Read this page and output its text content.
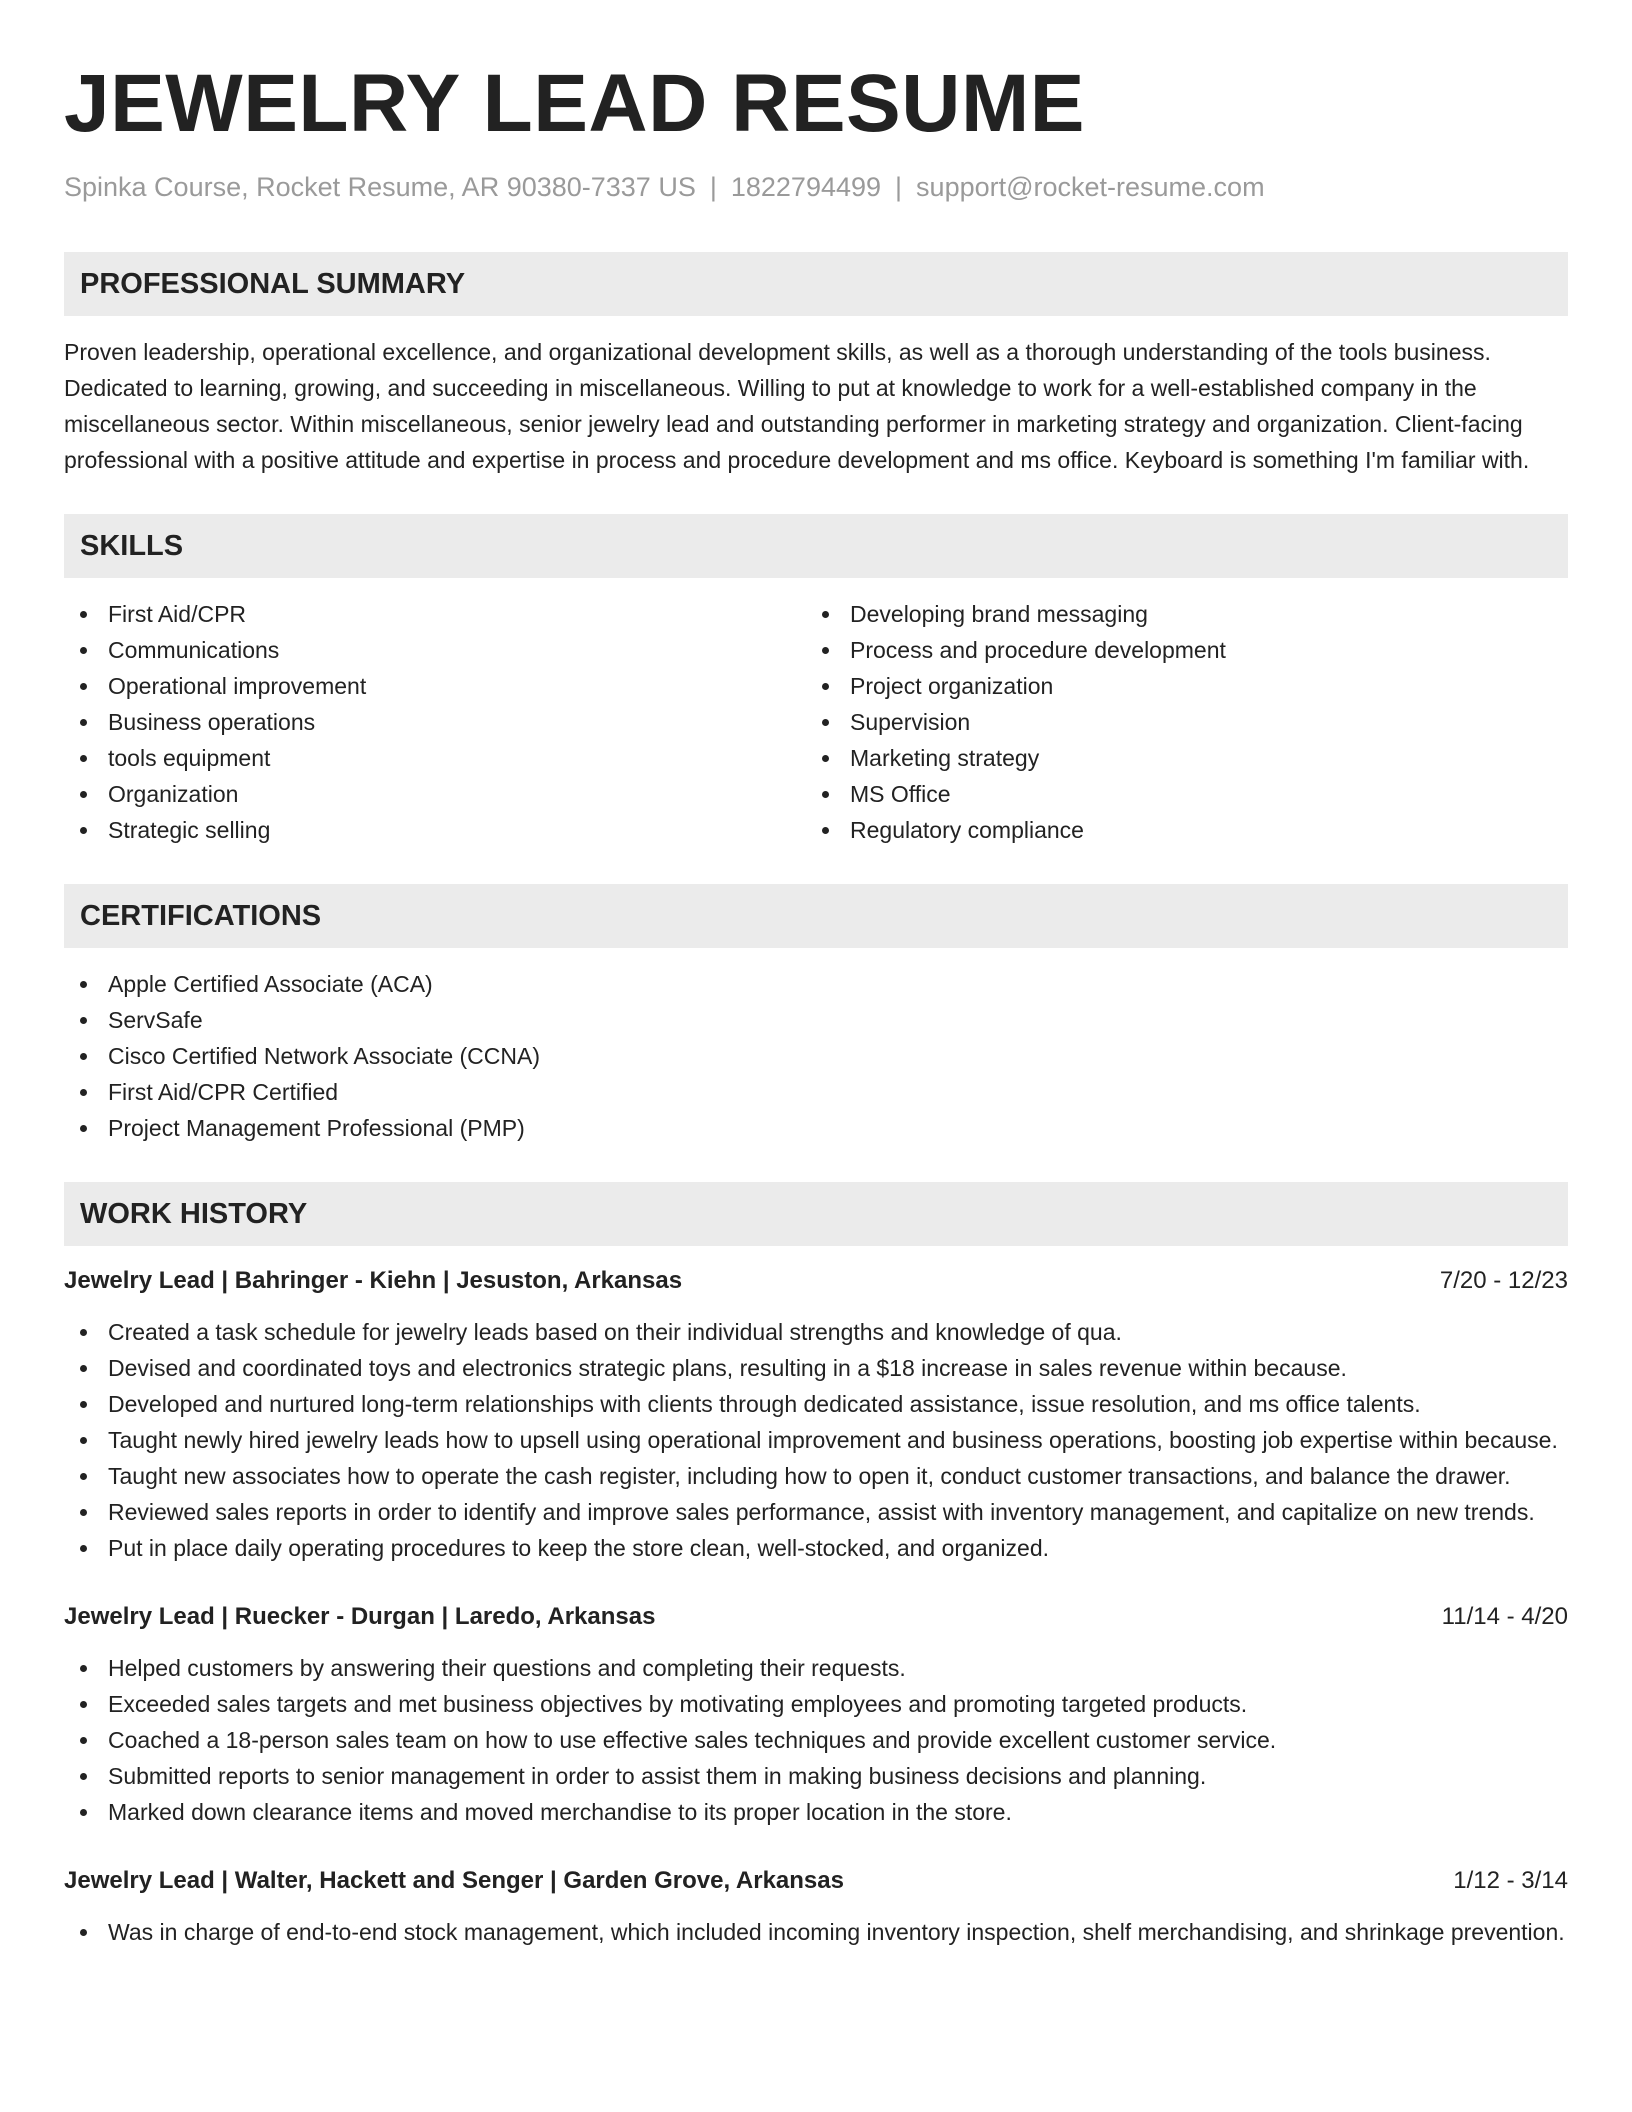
JEWELRY LEAD RESUME
Spinka Course, Rocket Resume, AR 90380-7337 US | 1822794499 | support@rocket-resume.com
PROFESSIONAL SUMMARY

Proven leadership, operational excellence, and organizational development skills, as well as a thorough understanding of the tools business. Dedicated to learning, growing, and succeeding in miscellaneous. Willing to put at knowledge to work for a well-established company in the miscellaneous sector. Within miscellaneous, senior jewelry lead and outstanding performer in marketing strategy and organization. Client-facing professional with a positive attitude and expertise in process and procedure development and ms office. Keyboard is something I'm familiar with.

SKILLS
First Aid/CPR
Communications
Operational improvement
Business operations
tools equipment
Organization
Strategic selling
Developing brand messaging
Process and procedure development
Project organization
Supervision
Marketing strategy
MS Office
Regulatory compliance
CERTIFICATIONS
Apple Certified Associate (ACA)
ServSafe
Cisco Certified Network Associate (CCNA)
First Aid/CPR Certified
Project Management Professional (PMP)
WORK HISTORY
Jewelry Lead | Bahringer - Kiehn | Jesuston, Arkansas	7/20 - 12/23
Created a task schedule for jewelry leads based on their individual strengths and knowledge of qua.
Devised and coordinated toys and electronics strategic plans, resulting in a $18 increase in sales revenue within because.
Developed and nurtured long-term relationships with clients through dedicated assistance, issue resolution, and ms office talents.
Taught newly hired jewelry leads how to upsell using operational improvement and business operations, boosting job expertise within because.
Taught new associates how to operate the cash register, including how to open it, conduct customer transactions, and balance the drawer.
Reviewed sales reports in order to identify and improve sales performance, assist with inventory management, and capitalize on new trends.
Put in place daily operating procedures to keep the store clean, well-stocked, and organized.
Jewelry Lead | Ruecker - Durgan | Laredo, Arkansas	11/14 - 4/20
Helped customers by answering their questions and completing their requests.
Exceeded sales targets and met business objectives by motivating employees and promoting targeted products.
Coached a 18-person sales team on how to use effective sales techniques and provide excellent customer service.
Submitted reports to senior management in order to assist them in making business decisions and planning.
Marked down clearance items and moved merchandise to its proper location in the store.
Jewelry Lead | Walter, Hackett and Senger | Garden Grove, Arkansas	1/12 - 3/14
Was in charge of end-to-end stock management, which included incoming inventory inspection, shelf merchandising, and shrinkage prevention.
